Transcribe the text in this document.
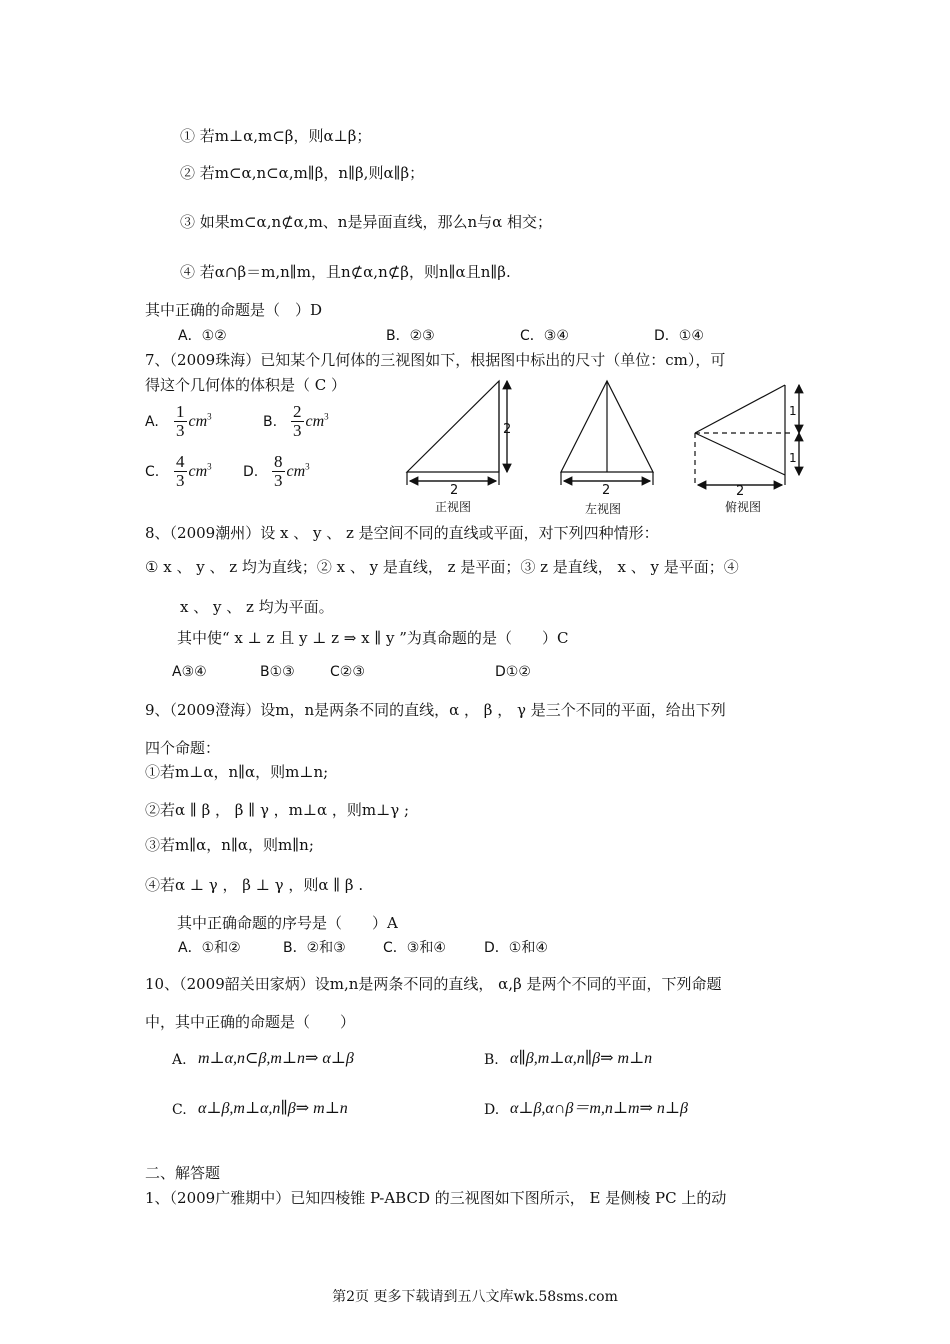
① 若m⊥α,m⊂β，则α⊥β；
② 若m⊂α,n⊂α,m∥β，n∥β,则α∥β；
③ 如果m⊂α,n⊄α,m、n是异面直线，那么n与α 相交；
④ 若α∩β＝m,n∥m，且n⊄α,n⊄β，则n∥α且n∥β.
其中正确的命题是（　）D
A．①②	B．②③	C．③④	D．①④
7、（2009珠海）已知某个几何体的三视图如下，根据图中标出的尺寸（单位：cm），可
得这个几何体的体积是（ C ）
A. $\frac{1}{3} cm^3$	B. $\frac{2}{3} cm^3$
C. $\frac{4}{3} cm^3$ D. $\frac{8}{3} cm^3$
2
2
正视图
2
左视图
1
1
2
俯视图
8、（2009潮州）设 x 、 y 、 z 是空间不同的直线或平面，对下列四种情形：
① x 、 y 、 z 均为直线；② x 、 y 是直线， z 是平面；③ z 是直线， x 、 y 是平面；④
x 、 y 、 z 均为平面。
其中使“ x ⊥ z 且 y ⊥ z ⇒ x ∥ y ”为真命题的是（　　）C
A③④	B①③	C②③	D①②
9、（2009澄海）设m，n是两条不同的直线，α ， β ， γ 是三个不同的平面，给出下列
四个命题：
①若m⊥α，n∥α，则m⊥n;
②若α ∥ β ， β ∥ γ ，m⊥α ，则m⊥γ ;
③若m∥α，n∥α，则m∥n;
④若α ⊥ γ ， β ⊥ γ ，则α ∥ β .
其中正确命题的序号是（　　）A
A．①和②	B．②和③	C．③和④	D．①和④
10、（2009韶关田家炳）设m,n是两条不同的直线， α,β 是两个不同的平面，下列命题
中，其中正确的命题是（　　）
A. m⊥α,n⊂β,m⊥n⇒ α⊥β	B. α∥β,m⊥α,n∥β⇒ m⊥n
C. α⊥β,m⊥α,n∥β⇒ m⊥n	D. α⊥β,α∩β＝m,n⊥m⇒ n⊥β
二、解答题
1、（2009广雅期中）已知四棱锥 P-ABCD 的三视图如下图所示， E 是侧棱 PC 上的动
第2页 更多下载请到五八文库wk.58sms.com
